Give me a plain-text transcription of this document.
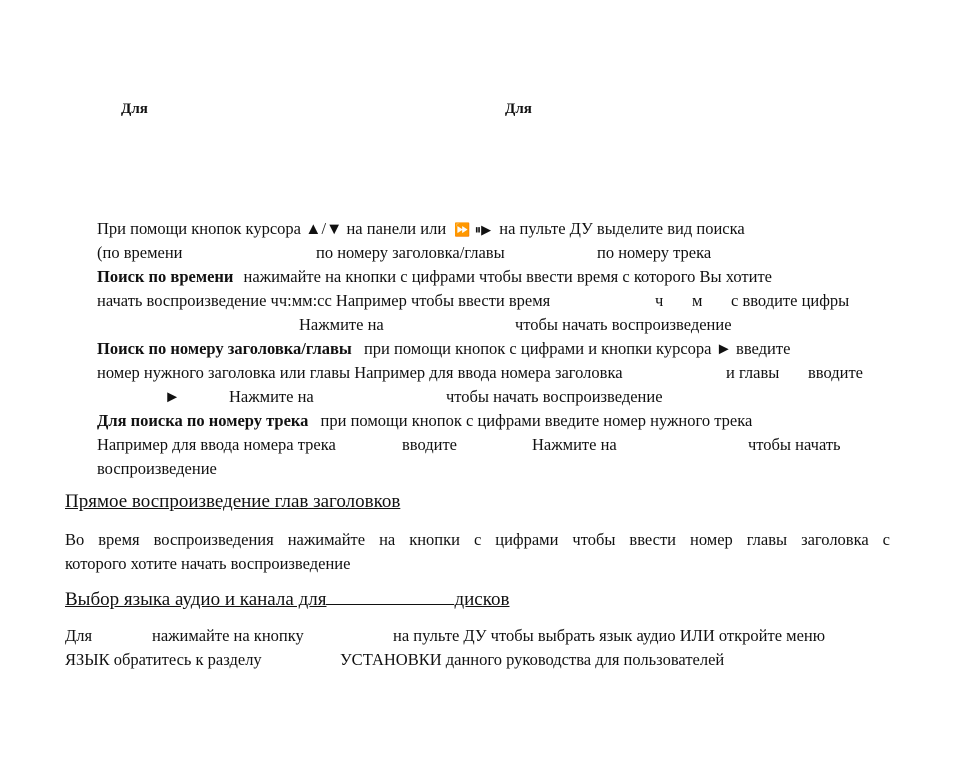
Для	Для
При помощи кнопок курсора ▲/▼ на панели или ⏩ ⏸▶ на пульте ДУ выделите вид поиска
(по времени	по номеру заголовка/главы	по номеру трека
Поиск по времени нажимайте на кнопки с цифрами чтобы ввести время с которого Вы хотите
начать воспроизведение чч:мм:сс Например чтобы ввести время	ч м с вводите цифры
Нажмите на	чтобы начать воспроизведение
Поиск по номеру заголовка/главы при помощи кнопок с цифрами и кнопки курсора ► введите
номер нужного заголовка или главы Например для ввода номера заголовка	и главы вводите
►	Нажмите на	чтобы начать воспроизведение
Для поиска по номеру трека при помощи кнопок с цифрами введите номер нужного трека
Например для ввода номера трека	вводите	Нажмите на	чтобы начать
воспроизведение
Прямое воспроизведение глав заголовков
Во время воспроизведения нажимайте на кнопки с цифрами чтобы ввести номер главы заголовка с
которого хотите начать воспроизведение
Выбор языка аудио и канала для	дисков
Для	нажимайте на кнопку	на пульте ДУ чтобы выбрать язык аудио ИЛИ откройте меню
ЯЗЫК обратитесь к разделу	УСТАНОВКИ данного руководства для пользователей
